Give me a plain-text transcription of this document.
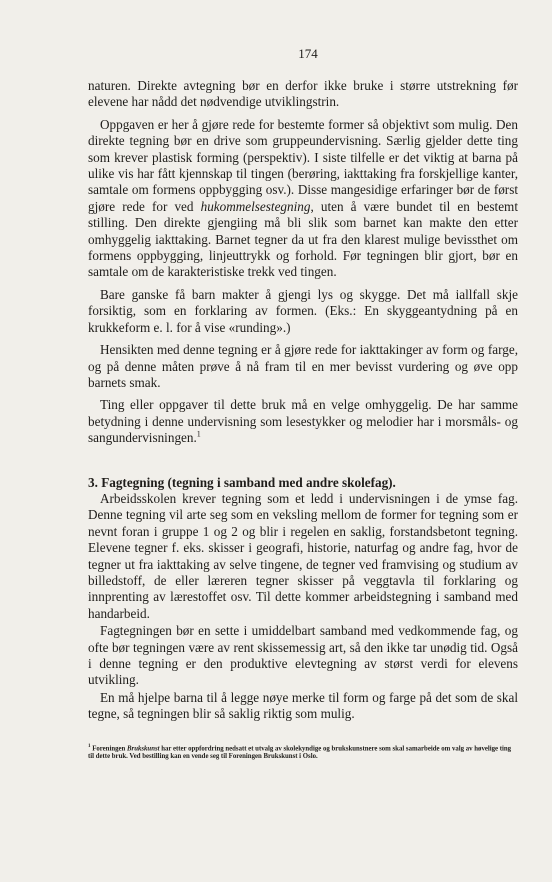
174

naturen. Direkte avtegning bør en derfor ikke bruke i større utstrekning før elevene har nådd det nødvendige utviklingstrin.

Oppgaven er her å gjøre rede for bestemte former så objektivt som mulig. Den direkte tegning bør en drive som gruppeundervisning. Særlig gjelder dette ting som krever plastisk forming (perspektiv). I siste tilfelle er det viktig at barna på ulike vis har fått kjennskap til tingen (berøring, iakttaking fra forskjellige kanter, samtale om formens oppbygging osv.). Disse mangesidige erfaringer bør de først gjøre rede for ved hukommelsestegning, uten å være bundet til en bestemt stilling. Den direkte gjengiing må bli slik som barnet kan makte den etter omhyggelig iakttaking. Barnet tegner da ut fra den klarest mulige bevissthet om formens oppbygging, linjeuttrykk og forhold. Før tegningen blir gjort, bør en samtale om de karakteristiske trekk ved tingen.

Bare ganske få barn makter å gjengi lys og skygge. Det må iallfall skje forsiktig, som en forklaring av formen. (Eks.: En skyggeantydning på en krukkeform e. l. for å vise «runding».)

Hensikten med denne tegning er å gjøre rede for iakttakinger av form og farge, og på denne måten prøve å nå fram til en mer bevisst vurdering og øve opp barnets smak.

Ting eller oppgaver til dette bruk må en velge omhyggelig. De har samme betydning i denne undervisning som lesestykker og melodier har i morsmåls- og sangundervisningen.$^1$

3. Fagtegning (tegning i samband med andre skolefag).

Arbeidsskolen krever tegning som et ledd i undervisningen i de ymse fag. Denne tegning vil arte seg som en veksling mellom de former for tegning som er nevnt foran i gruppe 1 og 2 og blir i regelen en saklig, forstandsbetont tegning. Elevene tegner f. eks. skisser i geografi, historie, naturfag og andre fag, hvor de tegner ut fra iakttaking av selve tingene, de tegner ved framvising og studium av billedstoff, de eller læreren tegner skisser på veggtavla til forklaring og innprenting av lærestoffet osv. Til dette kommer arbeidstegning i samband med handarbeid.

Fagtegningen bør en sette i umiddelbart samband med vedkommende fag, og ofte bør tegningen være av rent skissemessig art, så den ikke tar unødig tid. Også i denne tegning er den produktive elevtegning av størst verdi for elevens utvikling.

En må hjelpe barna til å legge nøye merke til form og farge på det som de skal tegne, så tegningen blir så saklig riktig som mulig.

$^1$ Foreningen Brukskunst har etter oppfordring nedsatt et utvalg av skolekyndige og brukskunstnere som skal samarbeide om valg av høvelige ting til dette bruk. Ved bestilling kan en vende seg til Foreningen Brukskunst i Oslo.
